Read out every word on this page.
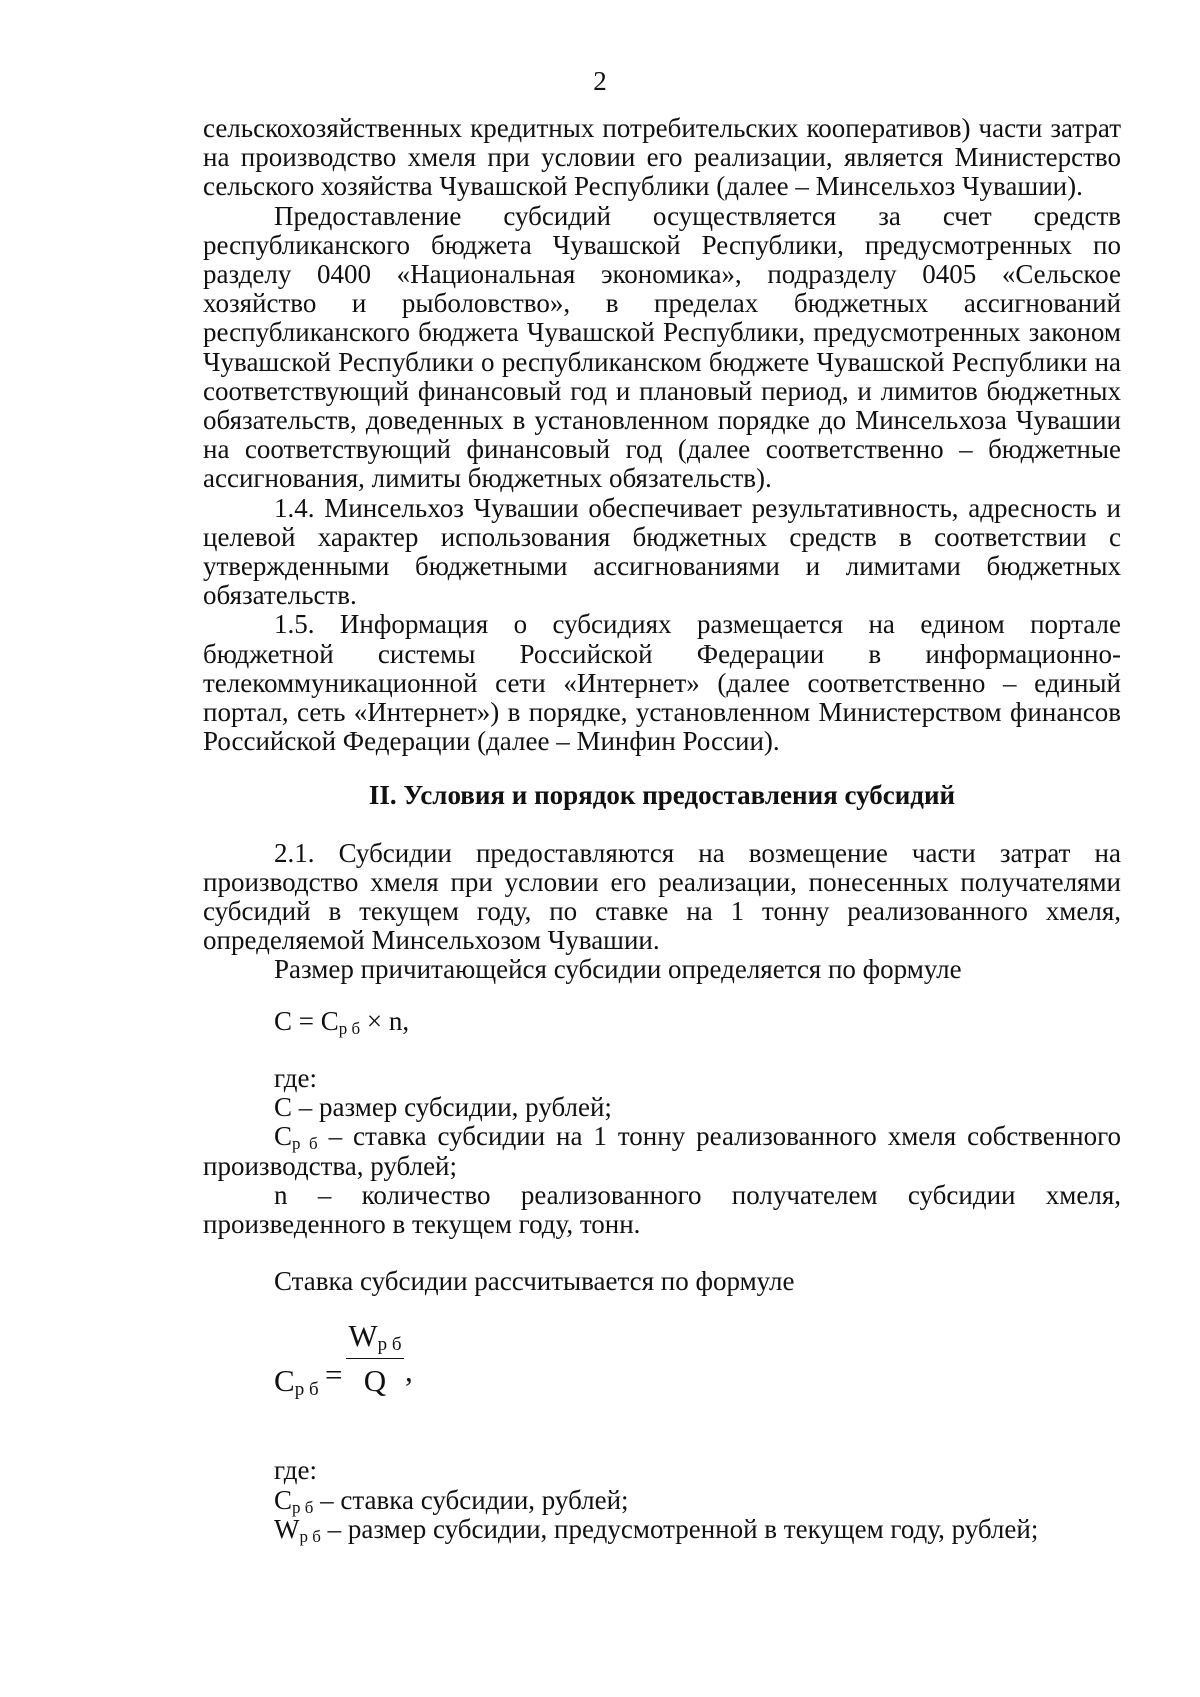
2

сельскохозяйственных кредитных потребительских кооперативов) части затрат на производство хмеля при условии его реализации, является Министерство сельского хозяйства Чувашской Республики (далее – Минсельхоз Чувашии).

Предоставление субсидий осуществляется за счет средств республиканского бюджета Чувашской Республики, предусмотренных по разделу 0400 «Национальная экономика», подразделу 0405 «Сельское хозяйство и рыболовство», в пределах бюджетных ассигнований республиканского бюджета Чувашской Республики, предусмотренных законом Чувашской Республики о республиканском бюджете Чувашской Республики на соответствующий финансовый год и плановый период, и лимитов бюджетных обязательств, доведенных в установленном порядке до Минсельхоза Чувашии на соответствующий финансовый год (далее соответственно – бюджетные ассигнования, лимиты бюджетных обязательств).

1.4. Минсельхоз Чувашии обеспечивает результативность, адресность и целевой характер использования бюджетных средств в соответствии с утвержденными бюджетными ассигнованиями и лимитами бюджетных обязательств.

1.5. Информация о субсидиях размещается на едином портале бюджетной системы Российской Федерации в информационно-телекоммуникационной сети «Интернет» (далее соответственно – единый портал, сеть «Интернет») в порядке, установленном Министерством финансов Российской Федерации (далее – Минфин России).

II. Условия и порядок предоставления субсидий

2.1. Субсидии предоставляются на возмещение части затрат на производство хмеля при условии его реализации, понесенных получателями субсидий в текущем году, по ставке на 1 тонну реализованного хмеля, определяемой Минсельхозом Чувашии.

Размер причитающейся субсидии определяется по формуле

$C = C_{р б} \times n$,

где:

C – размер субсидии, рублей;

$C_{р б}$ – ставка субсидии на 1 тонну реализованного хмеля собственного производства, рублей;

n – количество реализованного получателем субсидии хмеля, произведенного в текущем году, тонн.

Ставка субсидии рассчитывается по формуле

$C_{р б}$ =
$W_{р б}$
Q ,

где:

$C_{р б}$ – ставка субсидии, рублей;

$W_{р б}$ – размер субсидии, предусмотренной в текущем году, рублей;
